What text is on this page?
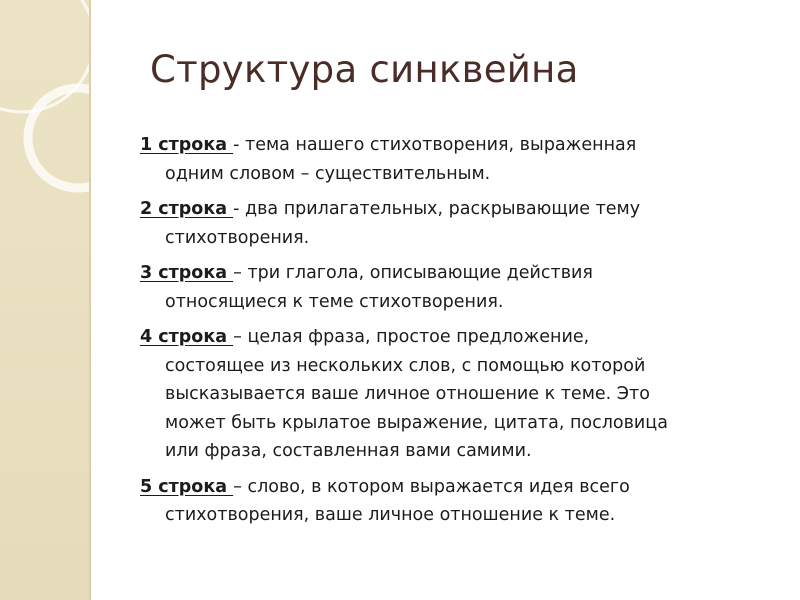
Структура синквейна
1 строка - тема нашего стихотворения, выраженная
одним словом – существительным.
2 строка - два прилагательных, раскрывающие тему
стихотворения.
3 строка – три глагола, описывающие действия
относящиеся к теме стихотворения.
4 строка – целая фраза, простое предложение,
состоящее из нескольких слов, с помощью которой
высказывается ваше личное отношение к теме. Это
может быть крылатое выражение, цитата, пословица
или фраза, составленная вами самими.
5 строка – слово, в котором выражается идея всего
стихотворения, ваше личное отношение к теме.
